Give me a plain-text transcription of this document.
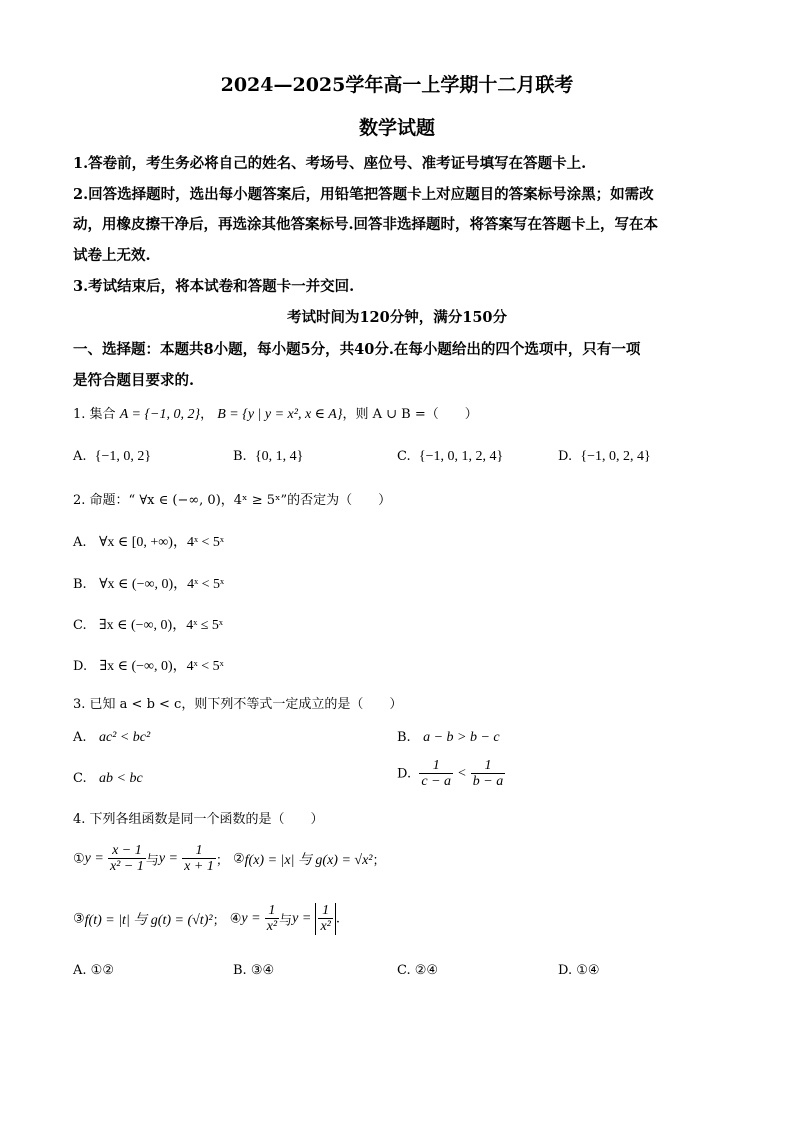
2024—2025学年高一上学期十二月联考
数学试题
1.答卷前，考生务必将自己的姓名、考场号、座位号、准考证号填写在答题卡上.
2.回答选择题时，选出每小题答案后，用铅笔把答题卡上对应题目的答案标号涂黑；如需改
动，用橡皮擦干净后，再选涂其他答案标号.回答非选择题时，将答案写在答题卡上，写在本
试卷上无效.
3.考试结束后，将本试卷和答题卡一并交回.
考试时间为120分钟，满分150分
一、选择题：本题共8小题，每小题5分，共40分.在每小题给出的四个选项中，只有一项
是符合题目要求的.
1. 集合 A = {−1, 0, 2}， B = {y | y = x², x ∈ A}，则 A ∪ B =（　　）
A. {−1, 0, 2}	B. {0, 1, 4}	C. {−1, 0, 1, 2, 4}	D. {−1, 0, 2, 4}
2. 命题：“ ∀x ∈ (−∞, 0)，4ˣ ≥ 5ˣ”的否定为（　　）
A. ∀x ∈ [0, +∞)，4ˣ < 5ˣ
B. ∀x ∈ (−∞, 0)，4ˣ < 5ˣ
C. ∃x ∈ (−∞, 0)，4ˣ ≤ 5ˣ
D. ∃x ∈ (−∞, 0)，4ˣ < 5ˣ
3. 已知 a < b < c，则下列不等式一定成立的是（　　）
A. ac² < bc²	B. a − b > b − c
C. ab < bc	D. $\frac{1}{c - a} < \frac{1}{b - a}$
4. 下列各组函数是同一个函数的是（　　）
①y = $\frac{x - 1}{\text{x² − 1}}$ 与$y = \frac{1}{x + 1}$ ； ②f(x) = |x| 与 g(x) = √x²；
③f(t) = |t| 与 g(t) = (√t)²； ④y = $\frac{1}{\text{x²}}$ 与$y = \frac{1}{\text{x²}}$ .
A. ①②	B. ③④	C. ②④	D. ①④
